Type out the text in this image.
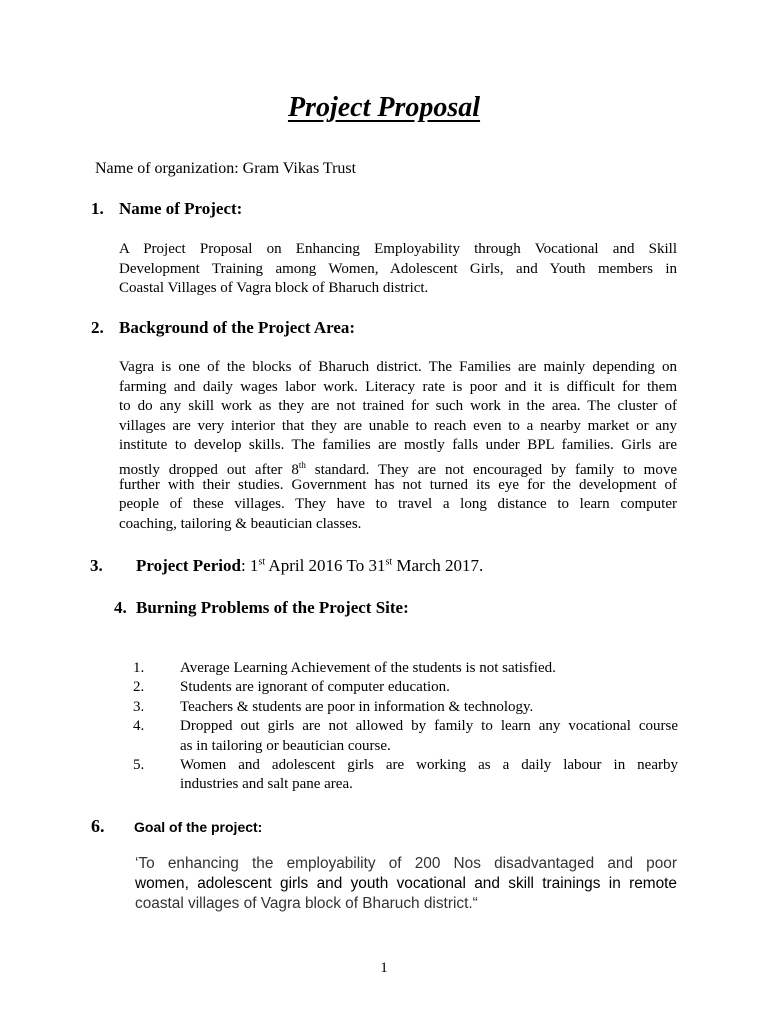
Project Proposal
Name of organization: Gram Vikas Trust
1. Name of Project:
A Project Proposal on Enhancing Employability through Vocational and Skill
Development Training among Women, Adolescent Girls, and Youth members in
Coastal Villages of Vagra block of Bharuch district.
2. Background of the Project Area:
Vagra is one of the blocks of Bharuch district. The Families are mainly depending on
farming and daily wages labor work. Literacy rate is poor and it is difficult for them
to do any skill work as they are not trained for such work in the area. The cluster of
villages are very interior that they are unable to reach even to a nearby market or any
institute to develop skills. The families are mostly falls under BPL families. Girls are
mostly dropped out after 8th standard. They are not encouraged by family to move
further with their studies. Government has not turned its eye for the development of
people of these villages. They have to travel a long distance to learn computer
coaching, tailoring & beautician classes.
3. Project Period: 1st April 2016 To 31st March 2017.
4. Burning Problems of the Project Site:
1. Average Learning Achievement of the students is not satisfied.
2. Students are ignorant of computer education.
3. Teachers & students are poor in information & technology.
4. Dropped out girls are not allowed by family to learn any vocational course
as in tailoring or beautician course.
5. Women and adolescent girls are working as a daily labour in nearby
industries and salt pane area.
6. Goal of the project:
‘To enhancing the employability of 200 Nos disadvantaged and poor
women, adolescent girls and youth vocational and skill trainings in remote
coastal villages of Vagra block of Bharuch district.“
1
